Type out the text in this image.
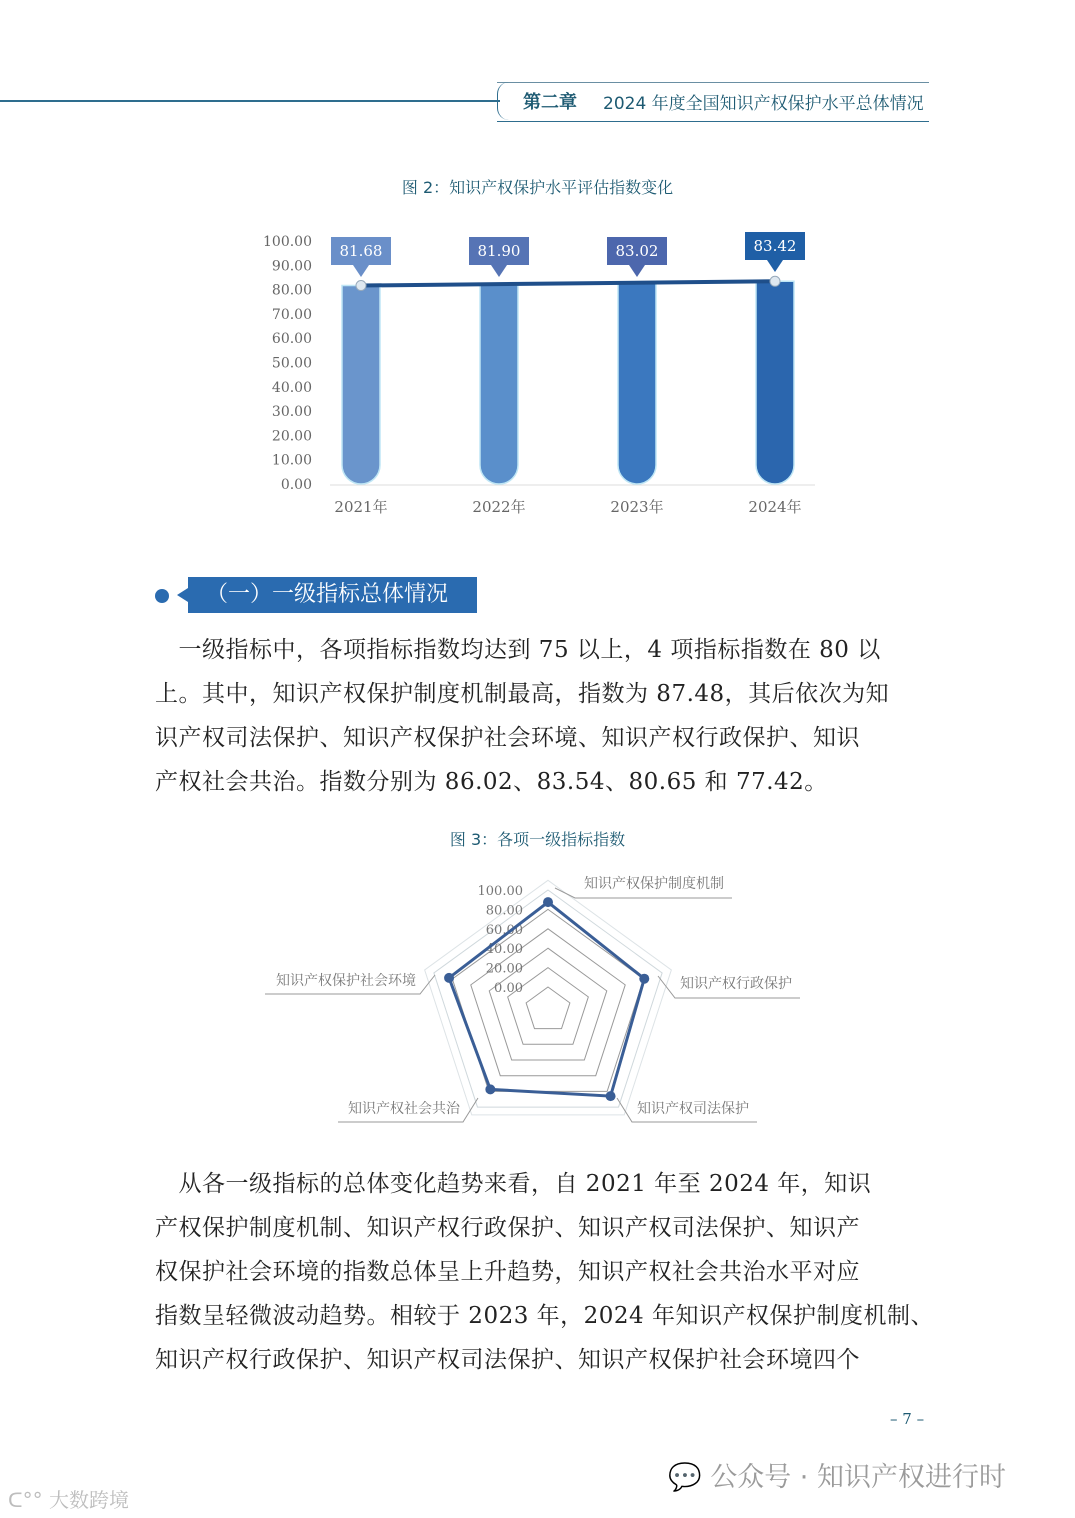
第二章 2024 年度全国知识产权保护水平总体情况
图 2：知识产权保护水平评估指数变化
0.00
10.00
20.00
30.00
40.00
50.00
60.00
70.00
80.00
90.00
100.00
2021年
81.68
2022年
81.90
2023年
83.02
2024年
83.42
（一）一级指标总体情况
　一级指标中，各项指标指数均达到 75 以上，4 项指标指数在 80 以
上。其中，知识产权保护制度机制最高，指数为 87.48，其后依次为知
识产权司法保护、知识产权保护社会环境、知识产权行政保护、知识
产权社会共治。指数分别为 86.02、83.54、80.65 和 77.42。
图 3：各项一级指标指数
0.00
20.00
40.00
60.00
80.00
100.00	知识产权保护制度机制
知识产权行政保护
知识产权司法保护
知识产权社会共治
知识产权保护社会环境
　从各一级指标的总体变化趋势来看，自 2021 年至 2024 年，知识
产权保护制度机制、知识产权行政保护、知识产权司法保护、知识产
权保护社会环境的指数总体呈上升趋势，知识产权社会共治水平对应
指数呈轻微波动趋势。相较于 2023 年，2024 年知识产权保护制度机制、
知识产权行政保护、知识产权司法保护、知识产权保护社会环境四个
– 7 –
💬 公众号 · 知识产权进行时
ᑕ°° 大数跨境
